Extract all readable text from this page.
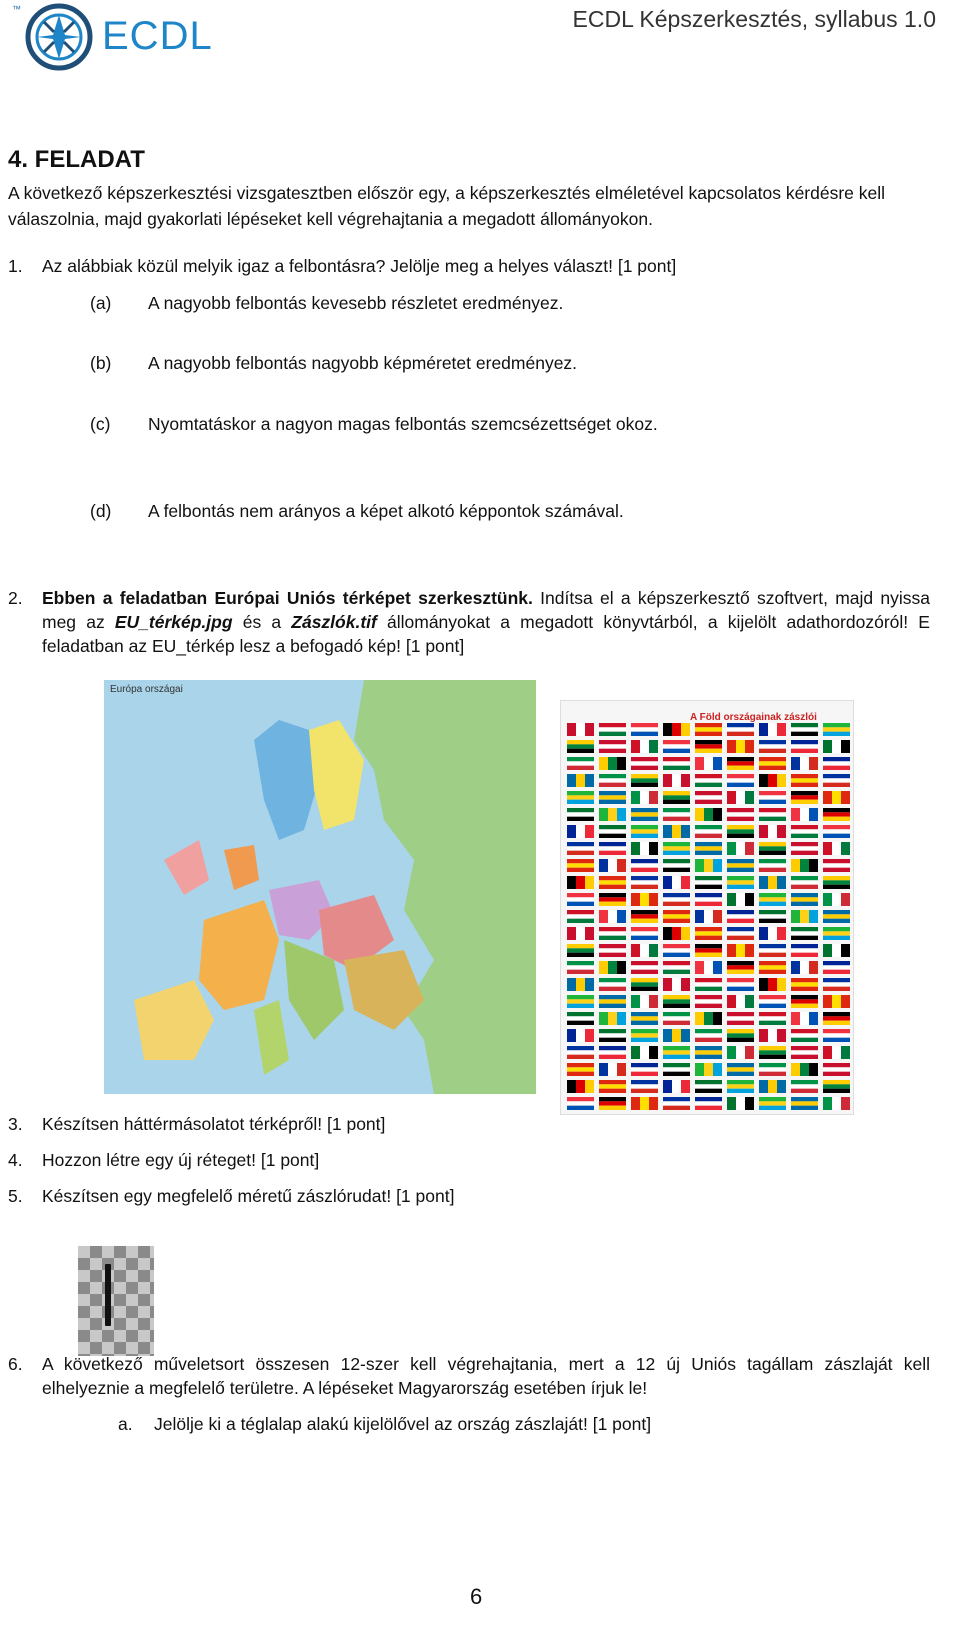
™
ECDL	ECDL Képszerkesztés, syllabus 1.0
4. FELADAT
A következő képszerkesztési vizsgatesztben először egy, a képszerkesztés elméletével kapcsolatos kérdésre kell válaszolnia, majd gyakorlati lépéseket kell végrehajtania a megadott állományokon.
1. Az alábbiak közül melyik igaz a felbontásra? Jelölje meg a helyes választ! [1 pont]
(a) A nagyobb felbontás kevesebb részletet eredményez.
(b) A nagyobb felbontás nagyobb képméretet eredményez.
(c) Nyomtatáskor a nagyon magas felbontás szemcsézettséget okoz.
(d) A felbontás nem arányos a képet alkotó képpontok számával.
2. Ebben a feladatban Európai Uniós térképet szerkesztünk. Indítsa el a képszerkesztő szoftvert, majd nyissa meg az EU_térkép.jpg és a Zászlók.tif állományokat a megadott könyvtárból, a kijelölt adathordozóról! E feladatban az EU_térkép lesz a befogadó kép! [1 pont]
Európa országai
A Föld országainak zászlói
3. Készítsen háttérmásolatot térképről! [1 pont]
4. Hozzon létre egy új réteget! [1 pont]
5. Készítsen egy megfelelő méretű zászlórudat! [1 pont]
6. A következő műveletsort összesen 12-szer kell végrehajtania, mert a 12 új Uniós tagállam zászlaját kell elhelyeznie a megfelelő területre. A lépéseket Magyarország esetében írjuk le!
a. Jelölje ki a téglalap alakú kijelölővel az ország zászlaját! [1 pont]
6
